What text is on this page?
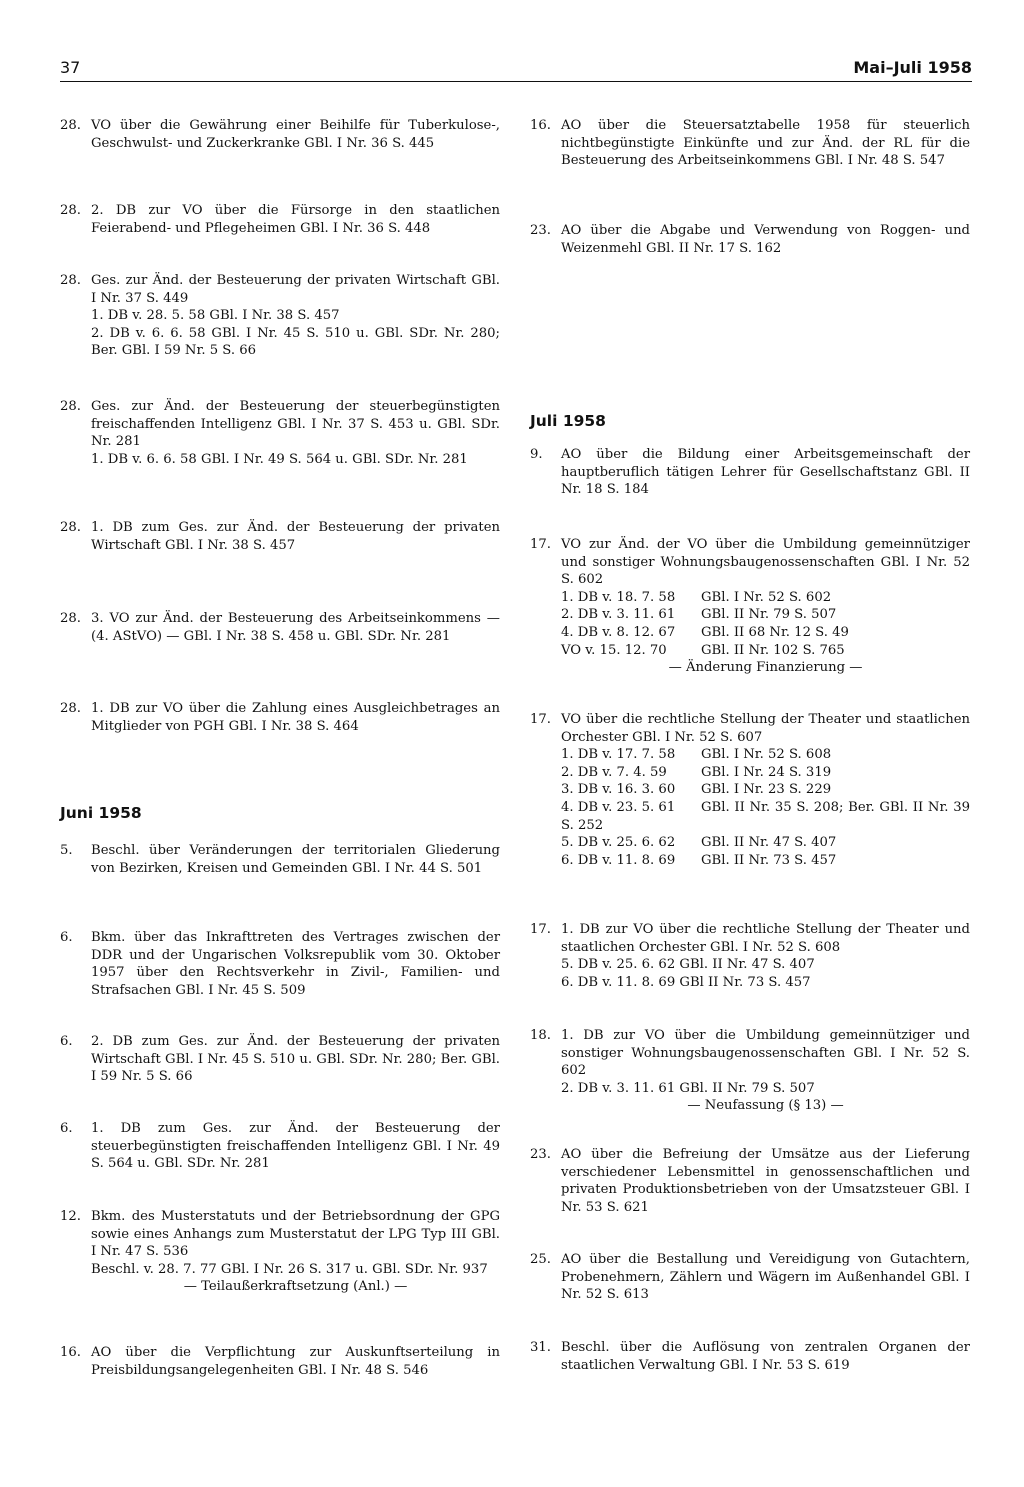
37	Mai–Juli 1958
28. VO über die Gewährung einer Beihilfe für Tuberkulose-, Geschwulst- und Zuckerkranke GBl. I Nr. 36 S. 445
28. 2. DB zur VO über die Fürsorge in den staatlichen Feierabend- und Pflegeheimen GBl. I Nr. 36 S. 448
28. Ges. zur Änd. der Besteuerung der privaten Wirtschaft GBl. I Nr. 37 S. 449
1. DB v. 28. 5. 58 GBl. I Nr. 38 S. 457
2. DB v. 6. 6. 58 GBl. I Nr. 45 S. 510 u. GBl. SDr. Nr. 280; Ber. GBl. I 59 Nr. 5 S. 66
28. Ges. zur Änd. der Besteuerung der steuerbegünstigten freischaffenden Intelligenz GBl. I Nr. 37 S. 453 u. GBl. SDr. Nr. 281
1. DB v. 6. 6. 58 GBl. I Nr. 49 S. 564 u. GBl. SDr. Nr. 281
28. 1. DB zum Ges. zur Änd. der Besteuerung der privaten Wirtschaft GBl. I Nr. 38 S. 457
28. 3. VO zur Änd. der Besteuerung des Arbeitseinkommens — (4. AStVO) — GBl. I Nr. 38 S. 458 u. GBl. SDr. Nr. 281
28. 1. DB zur VO über die Zahlung eines Ausgleichbetrages an Mitglieder von PGH GBl. I Nr. 38 S. 464
Juni 1958
5.	Beschl. über Veränderungen der territorialen Gliederung von Bezirken, Kreisen und Gemeinden GBl. I Nr. 44 S. 501
6.	Bkm. über das Inkrafttreten des Vertrages zwischen der DDR und der Ungarischen Volksrepublik vom 30. Oktober 1957 über den Rechtsverkehr in Zivil-, Familien- und Strafsachen GBl. I Nr. 45 S. 509
6.	2. DB zum Ges. zur Änd. der Besteuerung der privaten Wirtschaft GBl. I Nr. 45 S. 510 u. GBl. SDr. Nr. 280; Ber. GBl. I 59 Nr. 5 S. 66
6.	1. DB zum Ges. zur Änd. der Besteuerung der steuerbegünstigten freischaffenden Intelligenz GBl. I Nr. 49 S. 564 u. GBl. SDr. Nr. 281
12. Bkm. des Musterstatuts und der Betriebsordnung der GPG sowie eines Anhangs zum Musterstatut der LPG Typ III GBl. I Nr. 47 S. 536
Beschl. v. 28. 7. 77 GBl. I Nr. 26 S. 317 u. GBl. SDr. Nr. 937
— Teilaußerkraftsetzung (Anl.) —
16. AO über die Verpflichtung zur Auskunftserteilung in Preisbildungsangelegenheiten GBl. I Nr. 48 S. 546
16. AO über die Steuersatztabelle 1958 für steuerlich nichtbegünstigte Einkünfte und zur Änd. der RL für die Besteuerung des Arbeitseinkommens GBl. I Nr. 48 S. 547
23. AO über die Abgabe und Verwendung von Roggen- und Weizenmehl GBl. II Nr. 17 S. 162
Juli 1958
9.	AO über die Bildung einer Arbeitsgemeinschaft der hauptberuflich tätigen Lehrer für Gesellschaftstanz GBl. II Nr. 18 S. 184
17. VO zur Änd. der VO über die Umbildung gemeinnütziger und sonstiger Wohnungsbaugenossenschaften GBl. I Nr. 52 S. 602
1. DB v. 18. 7. 58 GBl. I Nr. 52 S. 602
2. DB v. 3. 11. 61 GBl. II Nr. 79 S. 507
4. DB v. 8. 12. 67 GBl. II 68 Nr. 12 S. 49
VO v. 15. 12. 70	GBl. II Nr. 102 S. 765
— Änderung Finanzierung —
17. VO über die rechtliche Stellung der Theater und staatlichen Orchester GBl. I Nr. 52 S. 607
1. DB v. 17. 7. 58 GBl. I Nr. 52 S. 608
2. DB v. 7. 4. 59	GBl. I Nr. 24 S. 319
3. DB v. 16. 3. 60 GBl. I Nr. 23 S. 229
4. DB v. 23. 5. 61 GBl. II Nr. 35 S. 208; Ber. GBl. II Nr. 39 S. 252
5. DB v. 25. 6. 62 GBl. II Nr. 47 S. 407
6. DB v. 11. 8. 69 GBl. II Nr. 73 S. 457
17. 1. DB zur VO über die rechtliche Stellung der Theater und staatlichen Orchester GBl. I Nr. 52 S. 608
5. DB v. 25. 6. 62 GBl. II Nr. 47 S. 407
6. DB v. 11. 8. 69 GBl II Nr. 73 S. 457
18. 1. DB zur VO über die Umbildung gemeinnütziger und sonstiger Wohnungsbaugenossenschaften GBl. I Nr. 52 S. 602
2. DB v. 3. 11. 61 GBl. II Nr. 79 S. 507
— Neufassung (§ 13) —
23. AO über die Befreiung der Umsätze aus der Lieferung verschiedener Lebensmittel in genossenschaftlichen und privaten Produktionsbetrieben von der Umsatzsteuer GBl. I Nr. 53 S. 621
25. AO über die Bestallung und Vereidigung von Gutachtern, Probenehmern, Zählern und Wägern im Außenhandel GBl. I Nr. 52 S. 613
31. Beschl. über die Auflösung von zentralen Organen der staatlichen Verwaltung GBl. I Nr. 53 S. 619
